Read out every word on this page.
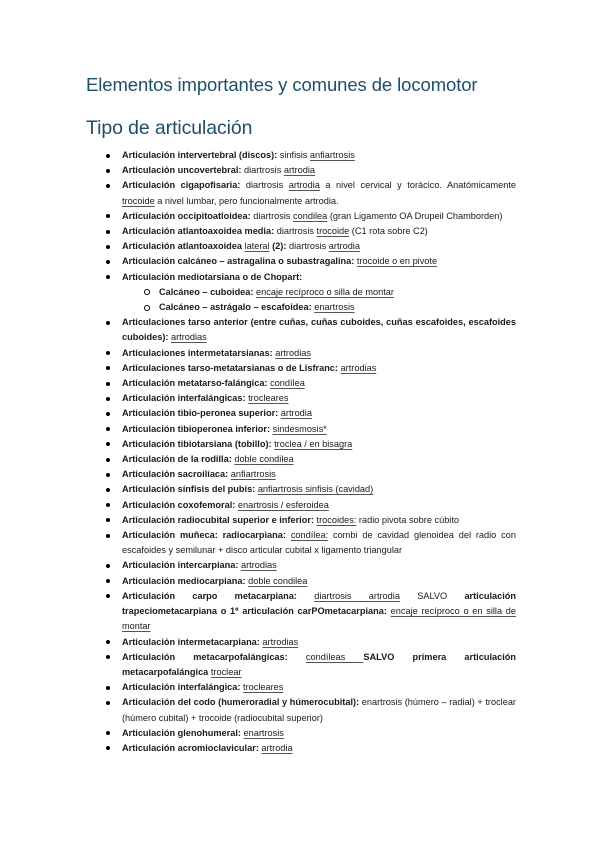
Elementos importantes y comunes de locomotor
Tipo de articulación
Articulación intervertebral (discos): sinfisis anfiartrosis
Articulación uncovertebral: diartrosis artrodia
Articulación cigapofisaria: diartrosis artrodia a nivel cervical y torácico. Anatómicamente trocoide a nivel lumbar, pero funcionalmente artrodia.
Articulación occipitoatloidea: diartrosis condilea (gran Ligamento OA Drupeil Chamborden)
Articulación atlantoaxoidea media: diartrosis trocoide (C1 rota sobre C2)
Articulación atlantoaxoidea lateral (2): diartrosis artrodia
Articulación calcáneo – astragalina o subastragalina: trocoide o en pivote
Articulación mediotarsiana o de Chopart:
Calcáneo – cuboidea: encaje recíproco o silla de montar
Calcáneo – astrágalo – escafoidea: enartrosis
Articulaciones tarso anterior (entre cuñas, cuñas cuboides, cuñas escafoides, escafoides cuboides): artrodias
Articulaciones intermetatarsianas: artrodias
Articulaciones tarso-metatarsianas o de Lisfranc: artrodias
Articulación metatarso-falángica: condílea
Articulación interfalángicas: trocleares
Articulación tibio-peronea superior: artrodia
Articulación tibioperonea inferior: sindesmosis*
Articulación tibiotarsiana (tobillo): troclea / en bisagra
Articulación de la rodilla: doble condilea
Articulación sacroilíaca: anfiartrosis
Articulación sínfisis del pubis: anfiartrosis sinfisis (cavidad)
Articulación coxofemoral: enartrosis / esferoidea
Articulación radiocubital superior e inferior: trocoides: radio pivota sobre cúbito
Articulación muñeca: radiocarpiana: condílea: combi de cavidad glenoidea del radio con escafoides y semilunar + disco articular cubital x ligamento triangular
Articulación intercarpiana: artrodias
Articulación mediocarpiana: doble condilea
Articulación carpo metacarpiana: diartrosis artrodia SALVO articulación trapeciometacarpiana o 1ª articulación carPOmetacarpiana: encaje recíproco o en silla de montar
Articulación intermetacarpiana: artrodias
Articulación metacarpofalángicas: condíleas SALVO primera articulación metacarpofalángica troclear
Articulación interfalángica: trocleares
Articulación del codo (humeroradial y húmerocubital): enartrosis (húmero – radial) + troclear (húmero cubital) + trocoide (radiocubital superior)
Articulación glenohumeral: enartrosis
Articulación acromioclavicular: artrodia
